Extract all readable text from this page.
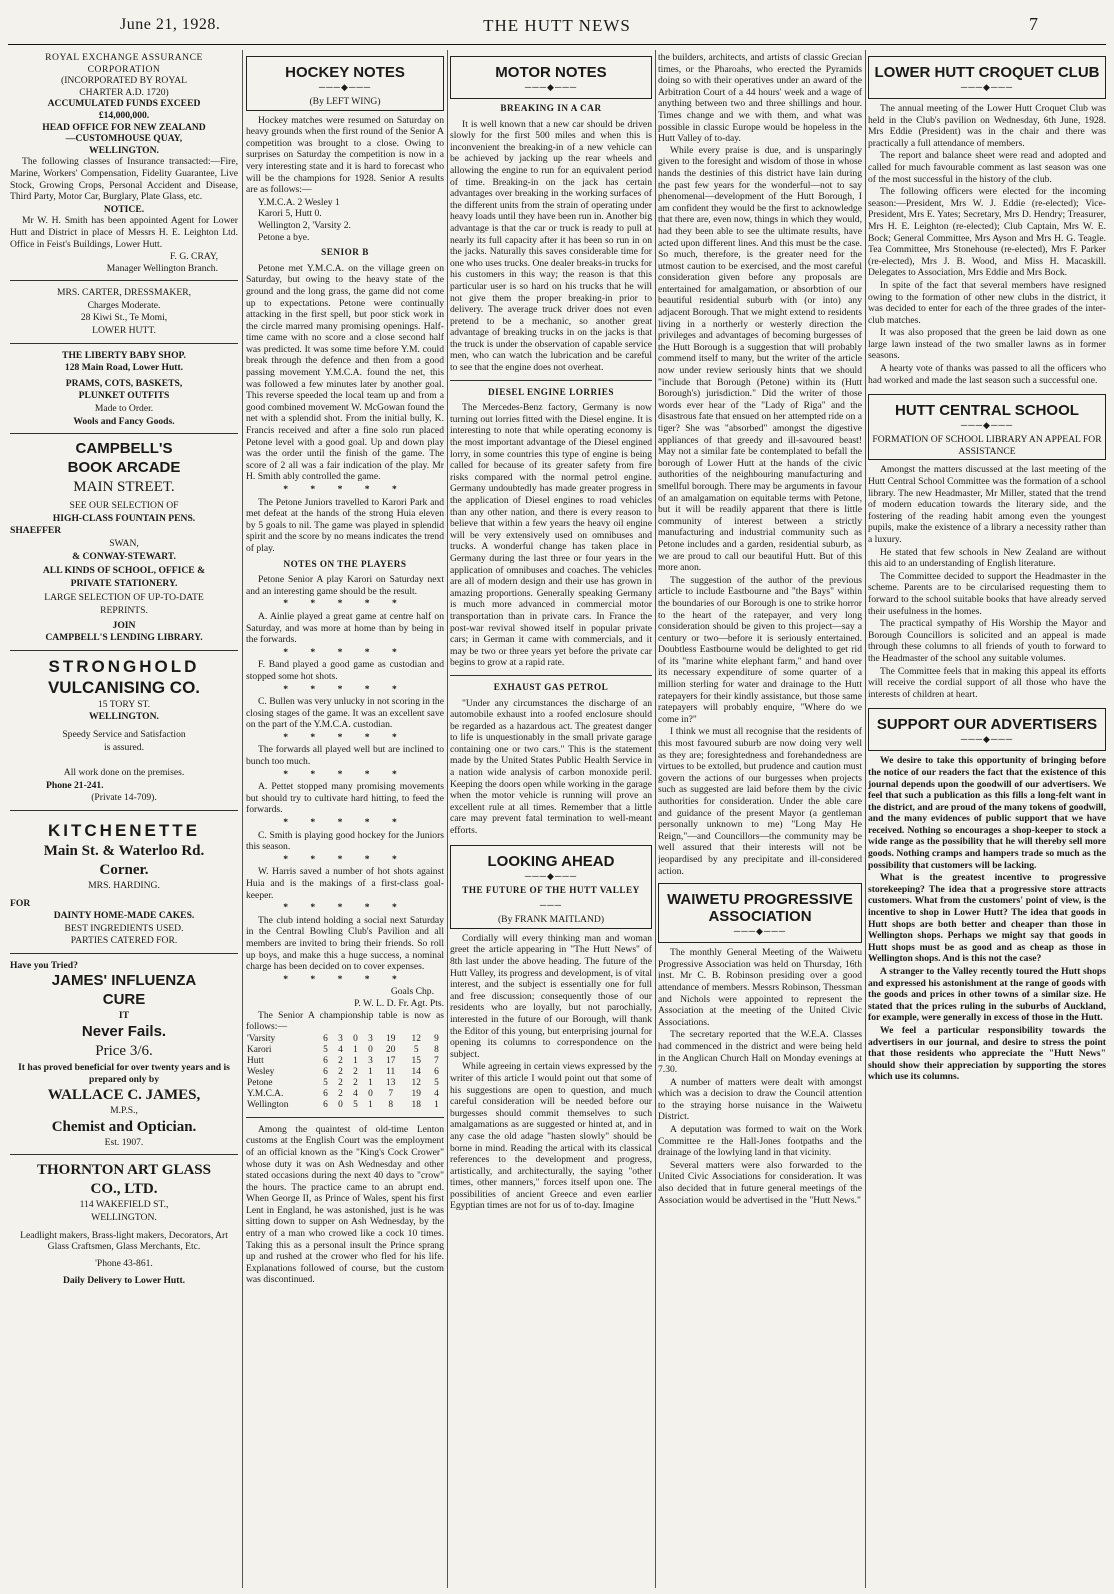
June 21, 1928.	THE HUTT NEWS	7

ROYAL EXCHANGE ASSURANCE

CORPORATION

(INCORPORATED BY ROYAL

CHARTER A.D. 1720)

ACCUMULATED FUNDS EXCEED

£14,000,000.

HEAD OFFICE FOR NEW ZEALAND

—CUSTOMHOUSE QUAY,

WELLINGTON.

The following classes of Insurance transacted:—Fire, Marine, Workers' Compensation, Fidelity Guarantee, Live Stock, Growing Crops, Personal Accident and Disease, Third Party, Motor Car, Burglary, Plate Glass, etc.

NOTICE.

Mr W. H. Smith has been appointed Agent for Lower Hutt and District in place of Messrs H. E. Leighton Ltd. Office in Feist's Buildings, Lower Hutt.

F. G. CRAY,

Manager Wellington Branch.

MRS. CARTER, DRESSMAKER,

Charges Moderate.

28 Kiwi St., Te Momi,

LOWER HUTT.

THE LIBERTY BABY SHOP.

128 Main Road, Lower Hutt.

PRAMS, COTS, BASKETS,

PLUNKET OUTFITS

Made to Order.

Wools and Fancy Goods.

CAMPBELL'S

BOOK ARCADE

MAIN STREET.

SEE OUR SELECTION OF

HIGH-CLASS FOUNTAIN PENS.

SHAEFFER

SWAN,

& CONWAY-STEWART.

ALL KINDS OF SCHOOL, OFFICE &

PRIVATE STATIONERY.

LARGE SELECTION OF UP-TO-DATE

REPRINTS.

JOIN

CAMPBELL'S LENDING LIBRARY.

STRONGHOLD

VULCANISING CO.

15 TORY ST.

WELLINGTON.

Speedy Service and Satisfaction

is assured.

All work done on the premises.

Phone 21-241.

(Private 14-709).

KITCHENETTE

Main St. & Waterloo Rd.

Corner.

MRS. HARDING.

FOR

DAINTY HOME-MADE CAKES.

BEST INGREDIENTS USED.

PARTIES CATERED FOR.

Have you Tried?

JAMES' INFLUENZA

CURE

IT

Never Fails.

Price 3/6.

It has proved beneficial for over twenty years and is prepared only by

WALLACE C. JAMES,

M.P.S.,

Chemist and Optician.

Est. 1907.

THORNTON ART GLASS

CO., LTD.

114 WAKEFIELD ST.,

WELLINGTON.

Leadlight makers, Brass-light makers, Decorators, Art Glass Craftsmen, Glass Merchants, Etc.

'Phone 43-861.

Daily Delivery to Lower Hutt.

HOCKEY NOTES
───◆───

(By LEFT WING)

Hockey matches were resumed on Saturday on heavy grounds when the first round of the Senior A competition was brought to a close. Owing to surprises on Saturday the competition is now in a very interesting state and it is hard to forecast who will be the champions for 1928. Senior A results are as follows:—

Y.M.C.A. 2 Wesley 1

Karori 5, Hutt 0.

Wellington 2, 'Varsity 2.

Petone a bye.

SENIOR B

Petone met Y.M.C.A. on the village green on Saturday, but owing to the heavy state of the ground and the long grass, the game did not come up to expectations. Petone were continually attacking in the first spell, but poor stick work in the circle marred many promising openings. Half-time came with no score and a close second half was predicted. It was some time before Y.M. could break through the defence and then from a good passing movement Y.M.C.A. found the net, this was followed a few minutes later by another goal. This reverse speeded the local team up and from a good combined movement W. McGowan found the net with a splendid shot. From the initial bully, K. Francis received and after a fine solo run placed Petone level with a good goal. Up and down play was the order until the finish of the game. The score of 2 all was a fair indication of the play. Mr H. Smith ably controlled the game.

* * * * *

The Petone Juniors travelled to Karori Park and met defeat at the hands of the strong Huia eleven by 5 goals to nil. The game was played in splendid spirit and the score by no means indicates the trend of play.

NOTES ON THE PLAYERS

Petone Senior A play Karori on Saturday next and an interesting game should be the result.

* * * * *

A. Ainlie played a great game at centre half on Saturday, and was more at home than by being in the forwards.

* * * * *

F. Band played a good game as custodian and stopped some hot shots.

* * * * *

C. Bullen was very unlucky in not scoring in the closing stages of the game. It was an excellent save on the part of the Y.M.C.A. custodian.

* * * * *

The forwards all played well but are inclined to bunch too much.

* * * * *

A. Pettet stopped many promising movements but should try to cultivate hard hitting, to feed the forwards.

* * * * *

C. Smith is playing good hockey for the Juniors this season.

* * * * *

W. Harris saved a number of hot shots against Huia and is the makings of a first-class goal-keeper.

* * * * *

The club intend holding a social next Saturday in the Central Bowling Club's Pavilion and all members are invited to bring their friends. So roll up boys, and make this a huge success, a nominal charge has been decided on to cover expenses.

* * * * *

Goals Chp.

P. W. L. D. Fr. Agt. Pts.

The Senior A championship table is now as follows:—

'Varsity	6	3	0	3	19	12	9
Karori	5	4	1	0	20	5	8
Hutt	6	2	1	3	17	15	7
Wesley	6	2	2	1	11	14	6
Petone	5	2	2	1	13	12	5
Y.M.C.A.	6	2	4	0	7	19	4
Wellington	6	0	5	1	8	18	1

Among the quaintest of old-time Lenton customs at the English Court was the employment of an official known as the "King's Cock Crower" whose duty it was on Ash Wednesday and other stated occasions during the next 40 days to "crow" the hours. The practice came to an abrupt end. When George II, as Prince of Wales, spent his first Lent in England, he was astonished, just is he was sitting down to supper on Ash Wednesday, by the entry of a man who crowed like a cock 10 times. Taking this as a personal insult the Prince sprang up and rushed at the crower who fled for his life. Explanations followed of course, but the custom was discontinued.

MOTOR NOTES
───◆───

BREAKING IN A CAR

It is well known that a new car should be driven slowly for the first 500 miles and when this is inconvenient the breaking-in of a new vehicle can be achieved by jacking up the rear wheels and allowing the engine to run for an equivalent period of time. Breaking-in on the jack has certain advantages over breaking in the working surfaces of the different units from the strain of operating under heavy loads until they have been run in. Another big advantage is that the car or truck is ready to pull at nearly its full capacity after it has been so run in on the jacks. Naturally this saves considerable time for one who uses trucks. One dealer breaks-in trucks for his customers in this way; the reason is that this particular user is so hard on his trucks that he will not give them the proper breaking-in prior to delivery. The average truck driver does not even pretend to be a mechanic, so another great advantage of breaking trucks in on the jacks is that the truck is under the observation of capable service men, who can watch the lubrication and be careful to see that the engine does not overheat.

DIESEL ENGINE LORRIES

The Mercedes-Benz factory, Germany is now turning out lorries fitted with the Diesel engine. It is interesting to note that while operating economy is the most important advantage of the Diesel engined lorry, in some countries this type of engine is being called for because of its greater safety from fire risks compared with the normal petrol engine. Germany undoubtedly has made greater progress in the application of Diesel engines to road vehicles than any other nation, and there is every reason to believe that within a few years the heavy oil engine will be very extensively used on omnibuses and trucks. A wonderful change has taken place in Germany during the last three or four years in the application of omnibuses and coaches. The vehicles are all of modern design and their use has grown in amazing proportions. Generally speaking Germany is much more advanced in commercial motor transportation than in private cars. In France the post-war revival showed itself in popular private cars; in German it came with commercials, and it may be two or three years yet before the private car begins to grow at a rapid rate.

EXHAUST GAS PETROL

"Under any circumstances the discharge of an automobile exhaust into a roofed enclosure should be regarded as a hazardous act. The greatest danger to life is unquestionably in the small private garage containing one or two cars." This is the statement made by the United States Public Health Service in a nation wide analysis of carbon monoxide peril. Keeping the doors open while working in the garage when the motor vehicle is running will prove an excellent rule at all times. Remember that a little care may prevent fatal termination to well-meant efforts.

LOOKING AHEAD
───◆───

THE FUTURE OF THE HUTT VALLEY

───

(By FRANK MAITLAND)

Cordially will every thinking man and woman greet the article appearing in "The Hutt News" of 8th last under the above heading. The future of the Hutt Valley, its progress and development, is of vital interest, and the subject is essentially one for full and free discussion; consequently those of our residents who are loyally, but not parochially, interested in the future of our Borough, will thank the Editor of this young, but enterprising journal for opening its columns to correspondence on the subject.

While agreeing in certain views expressed by the writer of this article I would point out that some of his suggestions are open to question, and much careful consideration will be needed before our burgesses should commit themselves to such amalgamations as are suggested or hinted at, and in any case the old adage "hasten slowly" should be borne in mind. Reading the artical with its classical references to the development and progress, artistically, and architecturally, the saying "other times, other manners," forces itself upon one. The possibilities of ancient Greece and even earlier Egyptian times are not for us of to-day. Imagine

the builders, architects, and artists of classic Grecian times, or the Pharoahs, who erected the Pyramids doing so with their operatives under an award of the Arbitration Court of a 44 hours' week and a wage of anything between two and three shillings and hour. Times change and we with them, and what was possible in classic Europe would be hopeless in the Hutt Valley of to-day.

While every praise is due, and is unsparingly given to the foresight and wisdom of those in whose hands the destinies of this district have lain during the past few years for the wonderful—not to say phenomenal—development of the Hutt Borough, I am confident they would be the first to acknowledge that there are, even now, things in which they would, had they been able to see the ultimate results, have acted upon different lines. And this must be the case. So much, therefore, is the greater need for the utmost caution to be exercised, and the most careful consideration given before any proposals are entertained for amalgamation, or absorbtion of our beautiful residential suburb with (or into) any adjacent Borough. That we might extend to residents living in a northerly or westerly direction the privileges and advantages of becoming burgesses of the Hutt Borough is a suggestion that will probably commend itself to many, but the writer of the article now under review seriously hints that we should "include that Borough (Petone) within its (Hutt Borough's) jurisdiction." Did the writer of those words ever hear of the "Lady of Riga" and the disastrous fate that ensued on her attempted ride on a tiger? She was "absorbed" amongst the digestive appliances of that greedy and ill-savoured beast! May not a similar fate be contemplated to befall the borough of Lower Hutt at the hands of the civic authorities of the neighbouring manufacturing and smellful borough. There may be arguments in favour of an amalgamation on equitable terms with Petone, but it will be readily apparent that there is little community of interest between a strictly manufacturing and industrial community such as Petone includes and a garden, residential suburb, as we are proud to call our beautiful Hutt. But of this more anon.

The suggestion of the author of the previous article to include Eastbourne and "the Bays" within the boundaries of our Borough is one to strike horror to the heart of the ratepayer, and very long consideration should be given to this project—say a century or two—before it is seriously entertained. Doubtless Eastbourne would be delighted to get rid of its "marine white elephant farm," and hand over its necessary expenditure of some quarter of a million sterling for water and drainage to the Hutt ratepayers for their kindly assistance, but those same ratepayers will probably enquire, "Where do we come in?"

I think we must all recognise that the residents of this most favoured suburb are now doing very well as they are; foresightedness and forehandedness are virtues to be extolled, but prudence and caution must govern the actions of our burgesses when projects such as suggested are laid before them by the civic authorities for consideration. Under the able care and guidance of the present Mayor (a gentleman personally unknown to me) "Long May He Reign,"—and Councillors—the community may be well assured that their interests will not be jeopardised by any precipitate and ill-considered action.

WAIWETU PROGRESSIVE ASSOCIATION
───◆───

The monthly General Meeting of the Waiwetu Progressive Association was held on Thursday, 16th inst. Mr C. B. Robinson presiding over a good attendance of members. Messrs Robinson, Thessman and Nichols were appointed to represent the Association at the meeting of the United Civic Associations.

The secretary reported that the W.E.A. Classes had commenced in the district and were being held in the Anglican Church Hall on Monday evenings at 7.30.

A number of matters were dealt with amongst which was a decision to draw the Council attention to the straying horse nuisance in the Waiwetu District.

A deputation was formed to wait on the Work Committee re the Hall-Jones footpaths and the drainage of the lowlying land in that vicinity.

Several matters were also forwarded to the United Civic Associations for consideration. It was also decided that in future general meetings of the Association would be advertised in the "Hutt News."

LOWER HUTT CROQUET CLUB
───◆───

The annual meeting of the Lower Hutt Croquet Club was held in the Club's pavilion on Wednesday, 6th June, 1928. Mrs Eddie (President) was in the chair and there was practically a full attendance of members.

The report and balance sheet were read and adopted and called for much favourable comment as last season was one of the most successful in the history of the club.

The following officers were elected for the incoming season:—President, Mrs W. J. Eddie (re-elected); Vice-President, Mrs E. Yates; Secretary, Mrs D. Hendry; Treasurer, Mrs H. E. Leighton (re-elected); Club Captain, Mrs W. E. Bock; General Committee, Mrs Ayson and Mrs H. G. Teagle. Tea Committee, Mrs Stonehouse (re-elected), Mrs F. Parker (re-elected), Mrs J. B. Wood, and Miss H. Macaskill. Delegates to Association, Mrs Eddie and Mrs Bock.

In spite of the fact that several members have resigned owing to the formation of other new clubs in the district, it was decided to enter for each of the three grades of the inter-club matches.

It was also proposed that the green be laid down as one large lawn instead of the two smaller lawns as in former seasons.

A hearty vote of thanks was passed to all the officers who had worked and made the last season such a successful one.

HUTT CENTRAL SCHOOL
───◆───

FORMATION OF SCHOOL LIBRARY AN APPEAL FOR ASSISTANCE

Amongst the matters discussed at the last meeting of the Hutt Central School Committee was the formation of a school library. The new Headmaster, Mr Miller, stated that the trend of modern education towards the literary side, and the fostering of the reading habit among even the youngest pupils, make the existence of a library a necessity rather than a luxury.

He stated that few schools in New Zealand are without this aid to an understanding of English literature.

The Committee decided to support the Headmaster in the scheme. Parents are to be circularised requesting them to forward to the school suitable books that have already served their usefulness in the homes.

The practical sympathy of His Worship the Mayor and Borough Councillors is solicited and an appeal is made through these columns to all friends of youth to forward to the Headmaster of the school any suitable volumes.

The Committee feels that in making this appeal its efforts will receive the cordial support of all those who have the interests of children at heart.

SUPPORT OUR ADVERTISERS
───◆───

We desire to take this opportunity of bringing before the notice of our readers the fact that the existence of this journal depends upon the goodwill of our advertisers. We feel that such a publication as this fills a long-felt want in the district, and are proud of the many tokens of goodwill, and the many evidences of public support that we have received. Nothing so encourages a shop-keeper to stock a wide range as the possibility that he will thereby sell more goods. Nothing cramps and hampers trade so much as the possibility that customers will be lacking.

What is the greatest incentive to progressive storekeeping? The idea that a progressive store attracts customers. What from the customers' point of view, is the incentive to shop in Lower Hutt? The idea that goods in Hutt shops are both better and cheaper than those in Wellington shops. Perhaps we might say that goods in Hutt shops must be as good and as cheap as those in Wellington shops. And is this not the case?

A stranger to the Valley recently toured the Hutt shops and expressed his astonishment at the range of goods with the goods and prices in other towns of a similar size. He stated that the prices ruling in the suburbs of Auckland, for example, were generally in excess of those in the Hutt.

We feel a particular responsibility towards the advertisers in our journal, and desire to stress the point that those residents who appreciate the "Hutt News" should show their appreciation by supporting the stores which use its columns.
